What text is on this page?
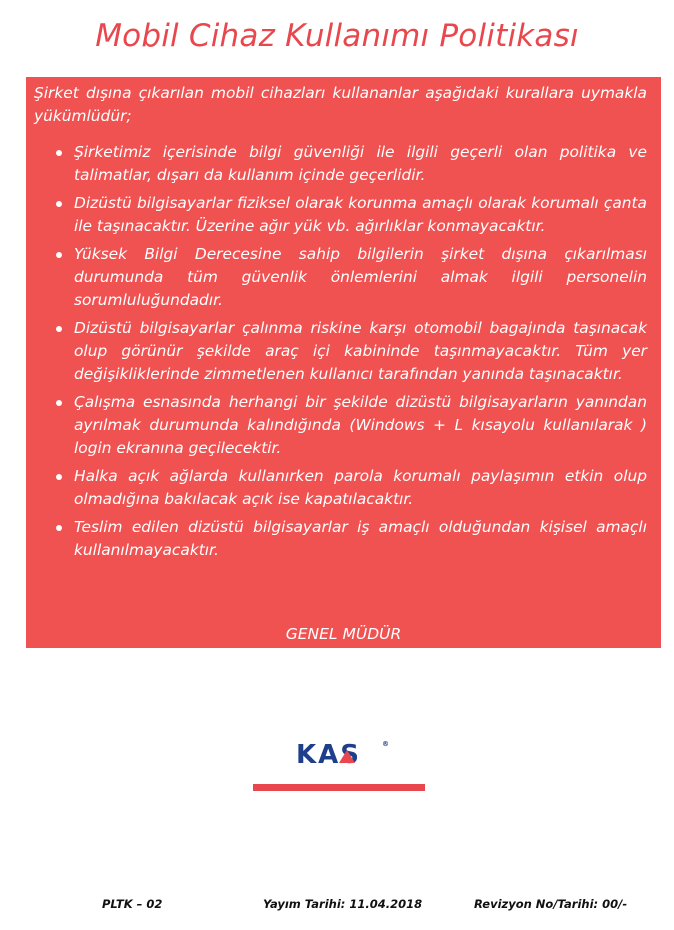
Mobil Cihaz Kullanımı Politikası

Şirket dışına çıkarılan mobil cihazları kullananlar aşağıdaki kurallara uymakla yükümlüdür;

Şirketimiz içerisinde bilgi güvenliği ile ilgili geçerli olan politika ve talimatlar, dışarı da kullanım içinde geçerlidir.
Dizüstü bilgisayarlar fiziksel olarak korunma amaçlı olarak korumalı çanta ile taşınacaktır. Üzerine ağır yük vb. ağırlıklar konmayacaktır.
Yüksek Bilgi Derecesine sahip bilgilerin şirket dışına çıkarılması durumunda tüm güvenlik önlemlerini almak ilgili personelin sorumluluğundadır.
Dizüstü bilgisayarlar çalınma riskine karşı otomobil bagajında taşınacak olup görünür şekilde araç içi kabininde taşınmayacaktır. Tüm yer değişikliklerinde zimmetlenen kullanıcı tarafından yanında taşınacaktır.
Çalışma esnasında herhangi bir şekilde dizüstü bilgisayarların yanından ayrılmak durumunda kalındığında (Windows + L kısayolu kullanılarak ) login ekranına geçilecektir.
Halka açık ağlarda kullanırken parola korumalı paylaşımın etkin olup olmadığına bakılacak açık ise kapatılacaktır.
Teslim edilen dizüstü bilgisayarlar iş amaçlı olduğundan kişisel amaçlı kullanılmayacaktır.
GENEL MÜDÜR
KAS	®
PLTK – 02	Yayım Tarihi: 11.04.2018	Revizyon No/Tarihi: 00/-
